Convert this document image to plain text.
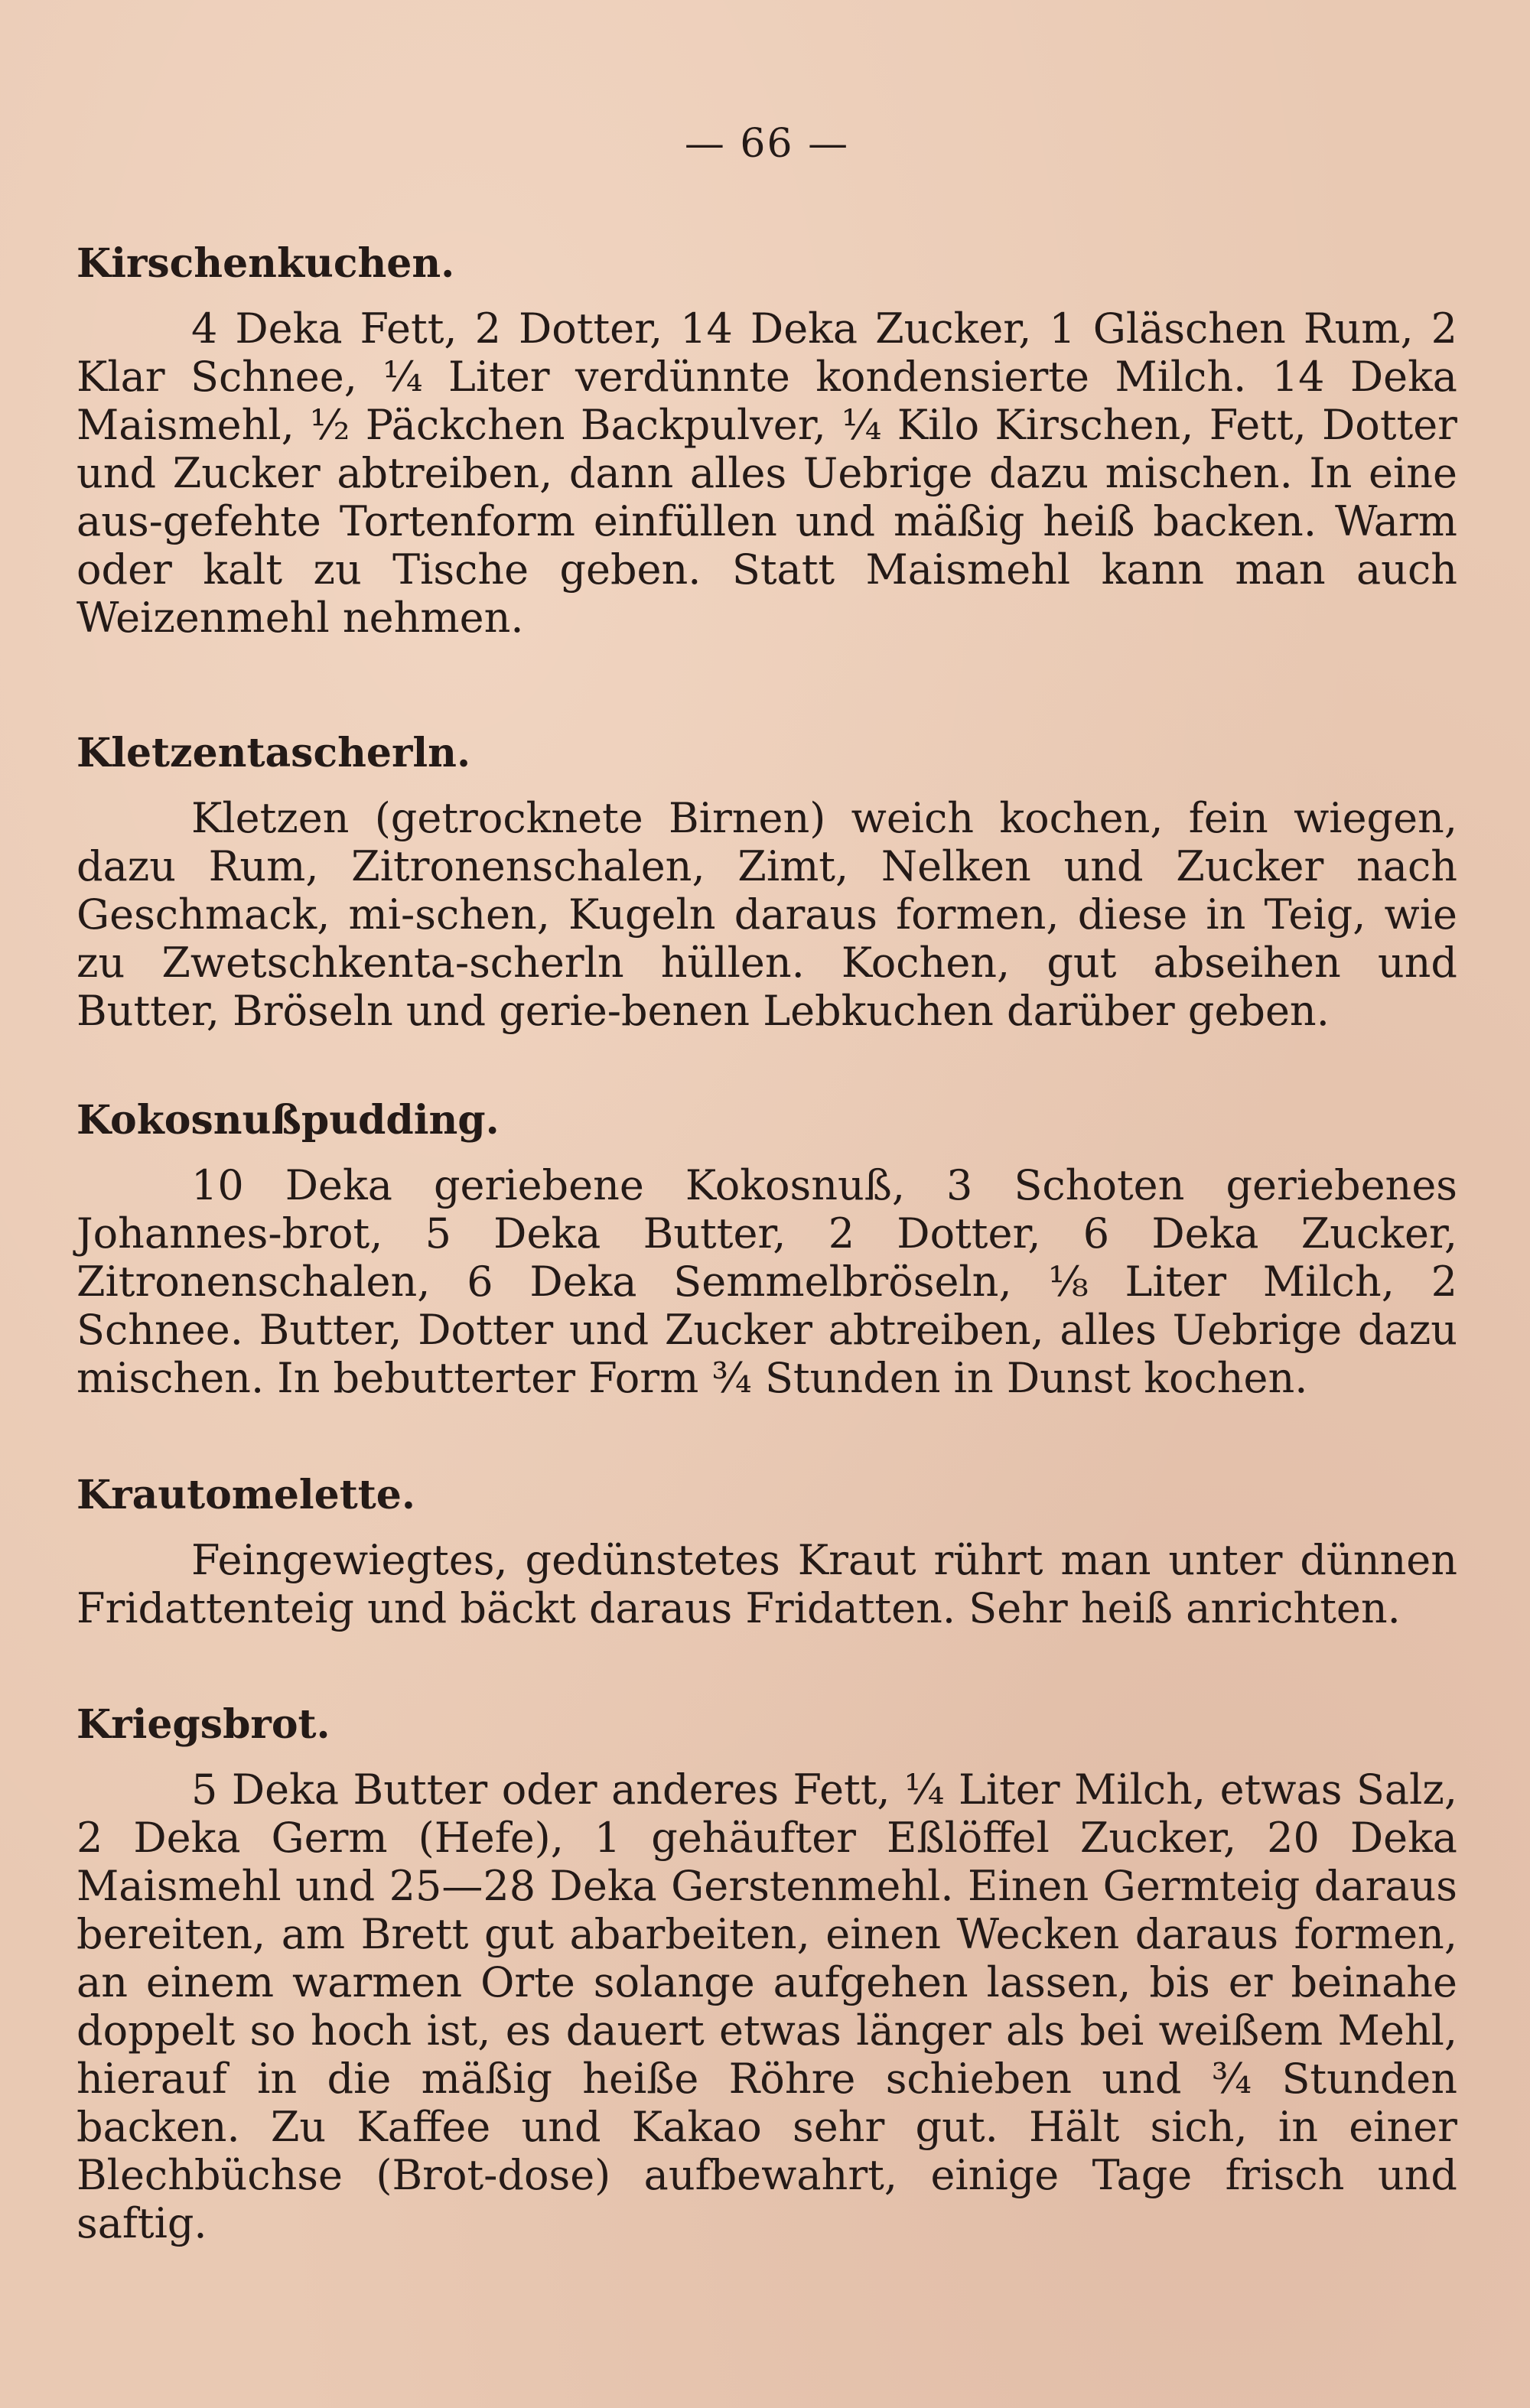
— 66 —
Kirschenkuchen.

4 Deka Fett, 2 Dotter, 14 Deka Zucker, 1 Gläschen Rum, 2 Klar Schnee, ¼ Liter verdünnte kondensierte Milch. 14 Deka Maismehl, ½ Päckchen Backpulver, ¼ Kilo Kirschen, Fett, Dotter und Zucker abtreiben, dann alles Uebrige dazu mischen. In eine aus-gefehte Tortenform einfüllen und mäßig heiß backen. Warm oder kalt zu Tische geben. Statt Maismehl kann man auch Weizenmehl nehmen.

Kletzentascherln.

Kletzen (getrocknete Birnen) weich kochen, fein wiegen, dazu Rum, Zitronenschalen, Zimt, Nelken und Zucker nach Geschmack, mi-schen, Kugeln daraus formen, diese in Teig, wie zu Zwetschkenta-scherln hüllen. Kochen, gut abseihen und Butter, Bröseln und gerie-benen Lebkuchen darüber geben.

Kokosnußpudding.

10 Deka geriebene Kokosnuß, 3 Schoten geriebenes Johannes-brot, 5 Deka Butter, 2 Dotter, 6 Deka Zucker, Zitronenschalen, 6 Deka Semmelbröseln, ⅛ Liter Milch, 2 Schnee. Butter, Dotter und Zucker abtreiben, alles Uebrige dazu mischen. In bebutterter Form ¾ Stunden in Dunst kochen.

Krautomelette.

Feingewiegtes, gedünstetes Kraut rührt man unter dünnen Fridattenteig und bäckt daraus Fridatten. Sehr heiß anrichten.

Kriegsbrot.

5 Deka Butter oder anderes Fett, ¼ Liter Milch, etwas Salz, 2 Deka Germ (Hefe), 1 gehäufter Eßlöffel Zucker, 20 Deka Maismehl und 25—28 Deka Gerstenmehl. Einen Germteig daraus bereiten, am Brett gut abarbeiten, einen Wecken daraus formen, an einem warmen Orte solange aufgehen lassen, bis er beinahe doppelt so hoch ist, es dauert etwas länger als bei weißem Mehl, hierauf in die mäßig heiße Röhre schieben und ¾ Stunden backen. Zu Kaffee und Kakao sehr gut. Hält sich, in einer Blechbüchse (Brot-dose) aufbewahrt, einige Tage frisch und saftig.
